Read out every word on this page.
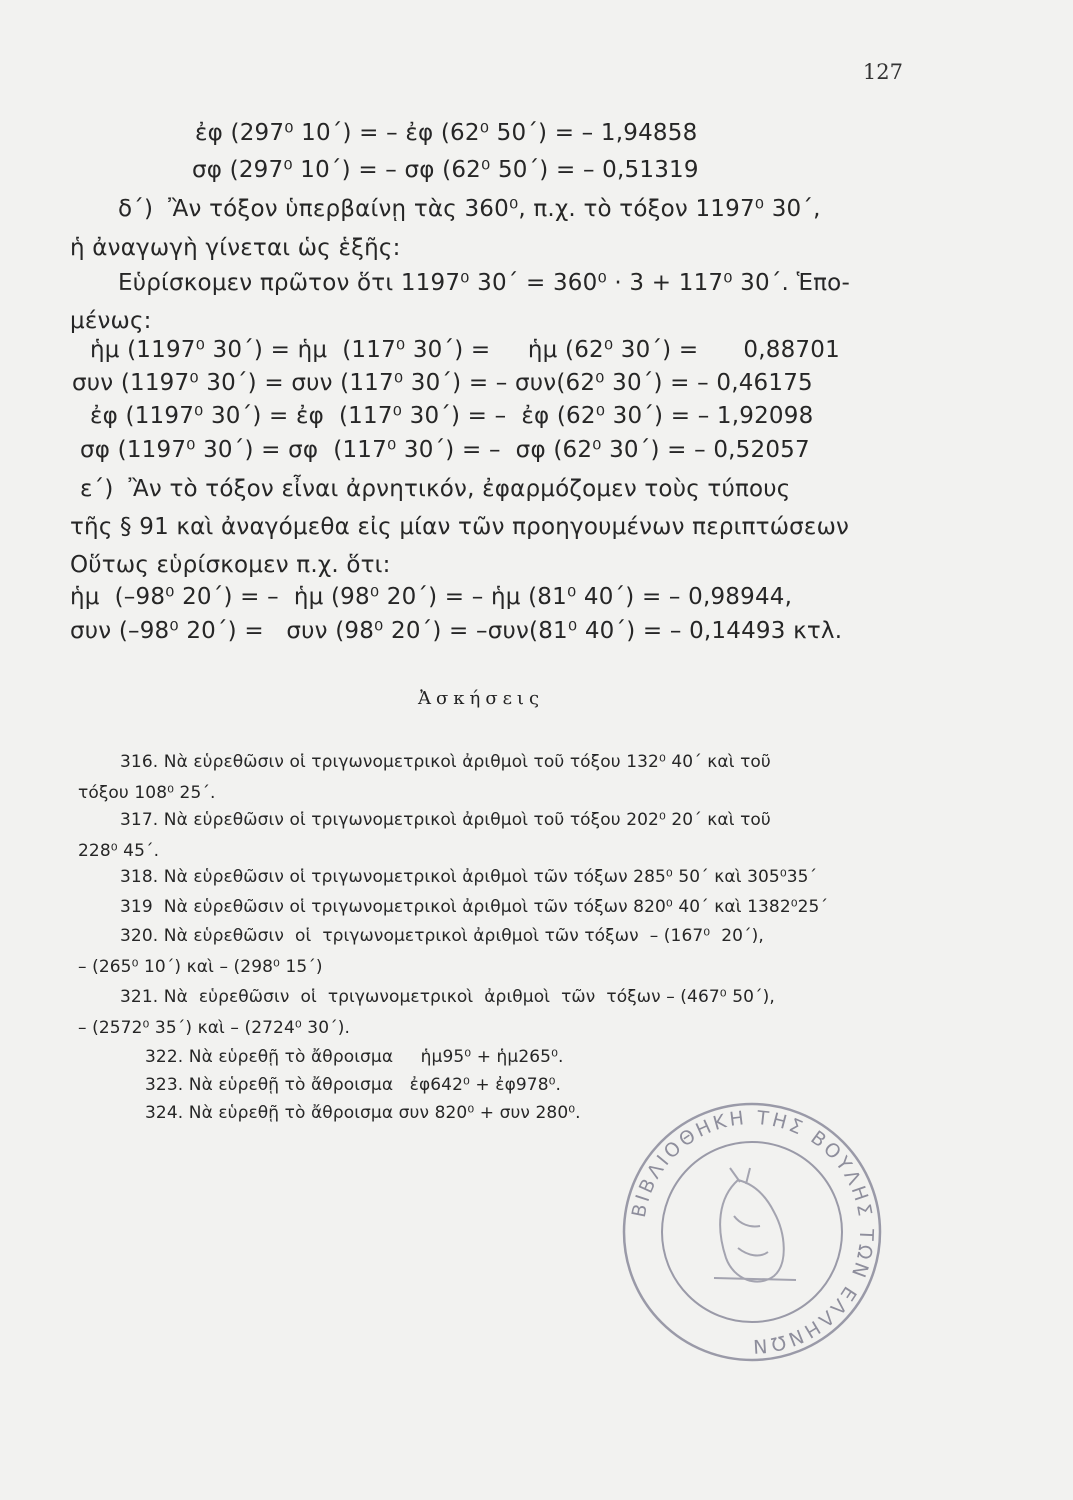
127
ἐφ (297⁰ 10΄) = – ἐφ (62⁰ 50΄) = – 1,94858
σφ (297⁰ 10΄) = – σφ (62⁰ 50΄) = – 0,51319
δ΄)  Ἂν τόξον ὑπερβαίνῃ τὰς 360⁰, π.χ. τὸ τόξον 1197⁰ 30΄,
ἡ ἀναγωγὴ γίνεται ὡς ἑξῆς:
Εὑρίσκομεν πρῶτον ὅτι 1197⁰ 30΄ = 360⁰ · 3 + 117⁰ 30΄. Ἑπο-
μένως:
ἡμ (1197⁰ 30΄) = ἡμ  (117⁰ 30΄) =     ἡμ (62⁰ 30΄) =      0,88701
συν (1197⁰ 30΄) = συν (117⁰ 30΄) = – συν(62⁰ 30΄) = – 0,46175
ἐφ (1197⁰ 30΄) = ἐφ  (117⁰ 30΄) = –  ἐφ (62⁰ 30΄) = – 1,92098
σφ (1197⁰ 30΄) = σφ  (117⁰ 30΄) = –  σφ (62⁰ 30΄) = – 0,52057
ε΄)  Ἂν τὸ τόξον εἶναι ἀρνητικόν, ἐφαρμόζομεν τοὺς τύπους
τῆς § 91 καὶ ἀναγόμεθα εἰς μίαν τῶν προηγουμένων περιπτώσεων
Οὕτως εὑρίσκομεν π.χ. ὅτι:
ἡμ  (–98⁰ 20΄) = –  ἡμ (98⁰ 20΄) = – ἡμ (81⁰ 40΄) = – 0,98944,
συν (–98⁰ 20΄) =   συν (98⁰ 20΄) = –συν(81⁰ 40΄) = – 0,14493 κτλ.
Ἀσκήσεις
316. Νὰ εὑρεθῶσιν οἱ τριγωνομετρικοὶ ἀριθμοὶ τοῦ τόξου 132⁰ 40΄ καὶ τοῦ
τόξου 108⁰ 25΄.
317. Νὰ εὑρεθῶσιν οἱ τριγωνομετρικοὶ ἀριθμοὶ τοῦ τόξου 202⁰ 20΄ καὶ τοῦ
228⁰ 45΄.
318. Νὰ εὑρεθῶσιν οἱ τριγωνομετρικοὶ ἀριθμοὶ τῶν τόξων 285⁰ 50΄ καὶ 305⁰35΄
319  Νὰ εὑρεθῶσιν οἱ τριγωνομετρικοὶ ἀριθμοὶ τῶν τόξων 820⁰ 40΄ καὶ 1382⁰25΄
320. Νὰ εὑρεθῶσιν  οἱ  τριγωνομετρικοὶ ἀριθμοὶ τῶν τόξων  – (167⁰  20΄),
– (265⁰ 10΄) καὶ – (298⁰ 15΄)
321. Νὰ  εὑρεθῶσιν  οἱ  τριγωνομετρικοὶ  ἀριθμοὶ  τῶν  τόξων – (467⁰ 50΄),
– (2572⁰ 35΄) καὶ – (2724⁰ 30΄).
322. Νὰ εὑρεθῇ τὸ ἄθροισμα     ἡμ95⁰ + ἡμ265⁰.
323. Νὰ εὑρεθῇ τὸ ἄθροισμα   ἐφ642⁰ + ἐφ978⁰.
324. Νὰ εὑρεθῇ τὸ ἄθροισμα συν 820⁰ + συν 280⁰.
ΒΙΒΛΙΟΘΗΚΗ ΤΗΣ ΒΟΥΛΗΣ ΤΩΝ ΕΛΛΗΝΩΝ
